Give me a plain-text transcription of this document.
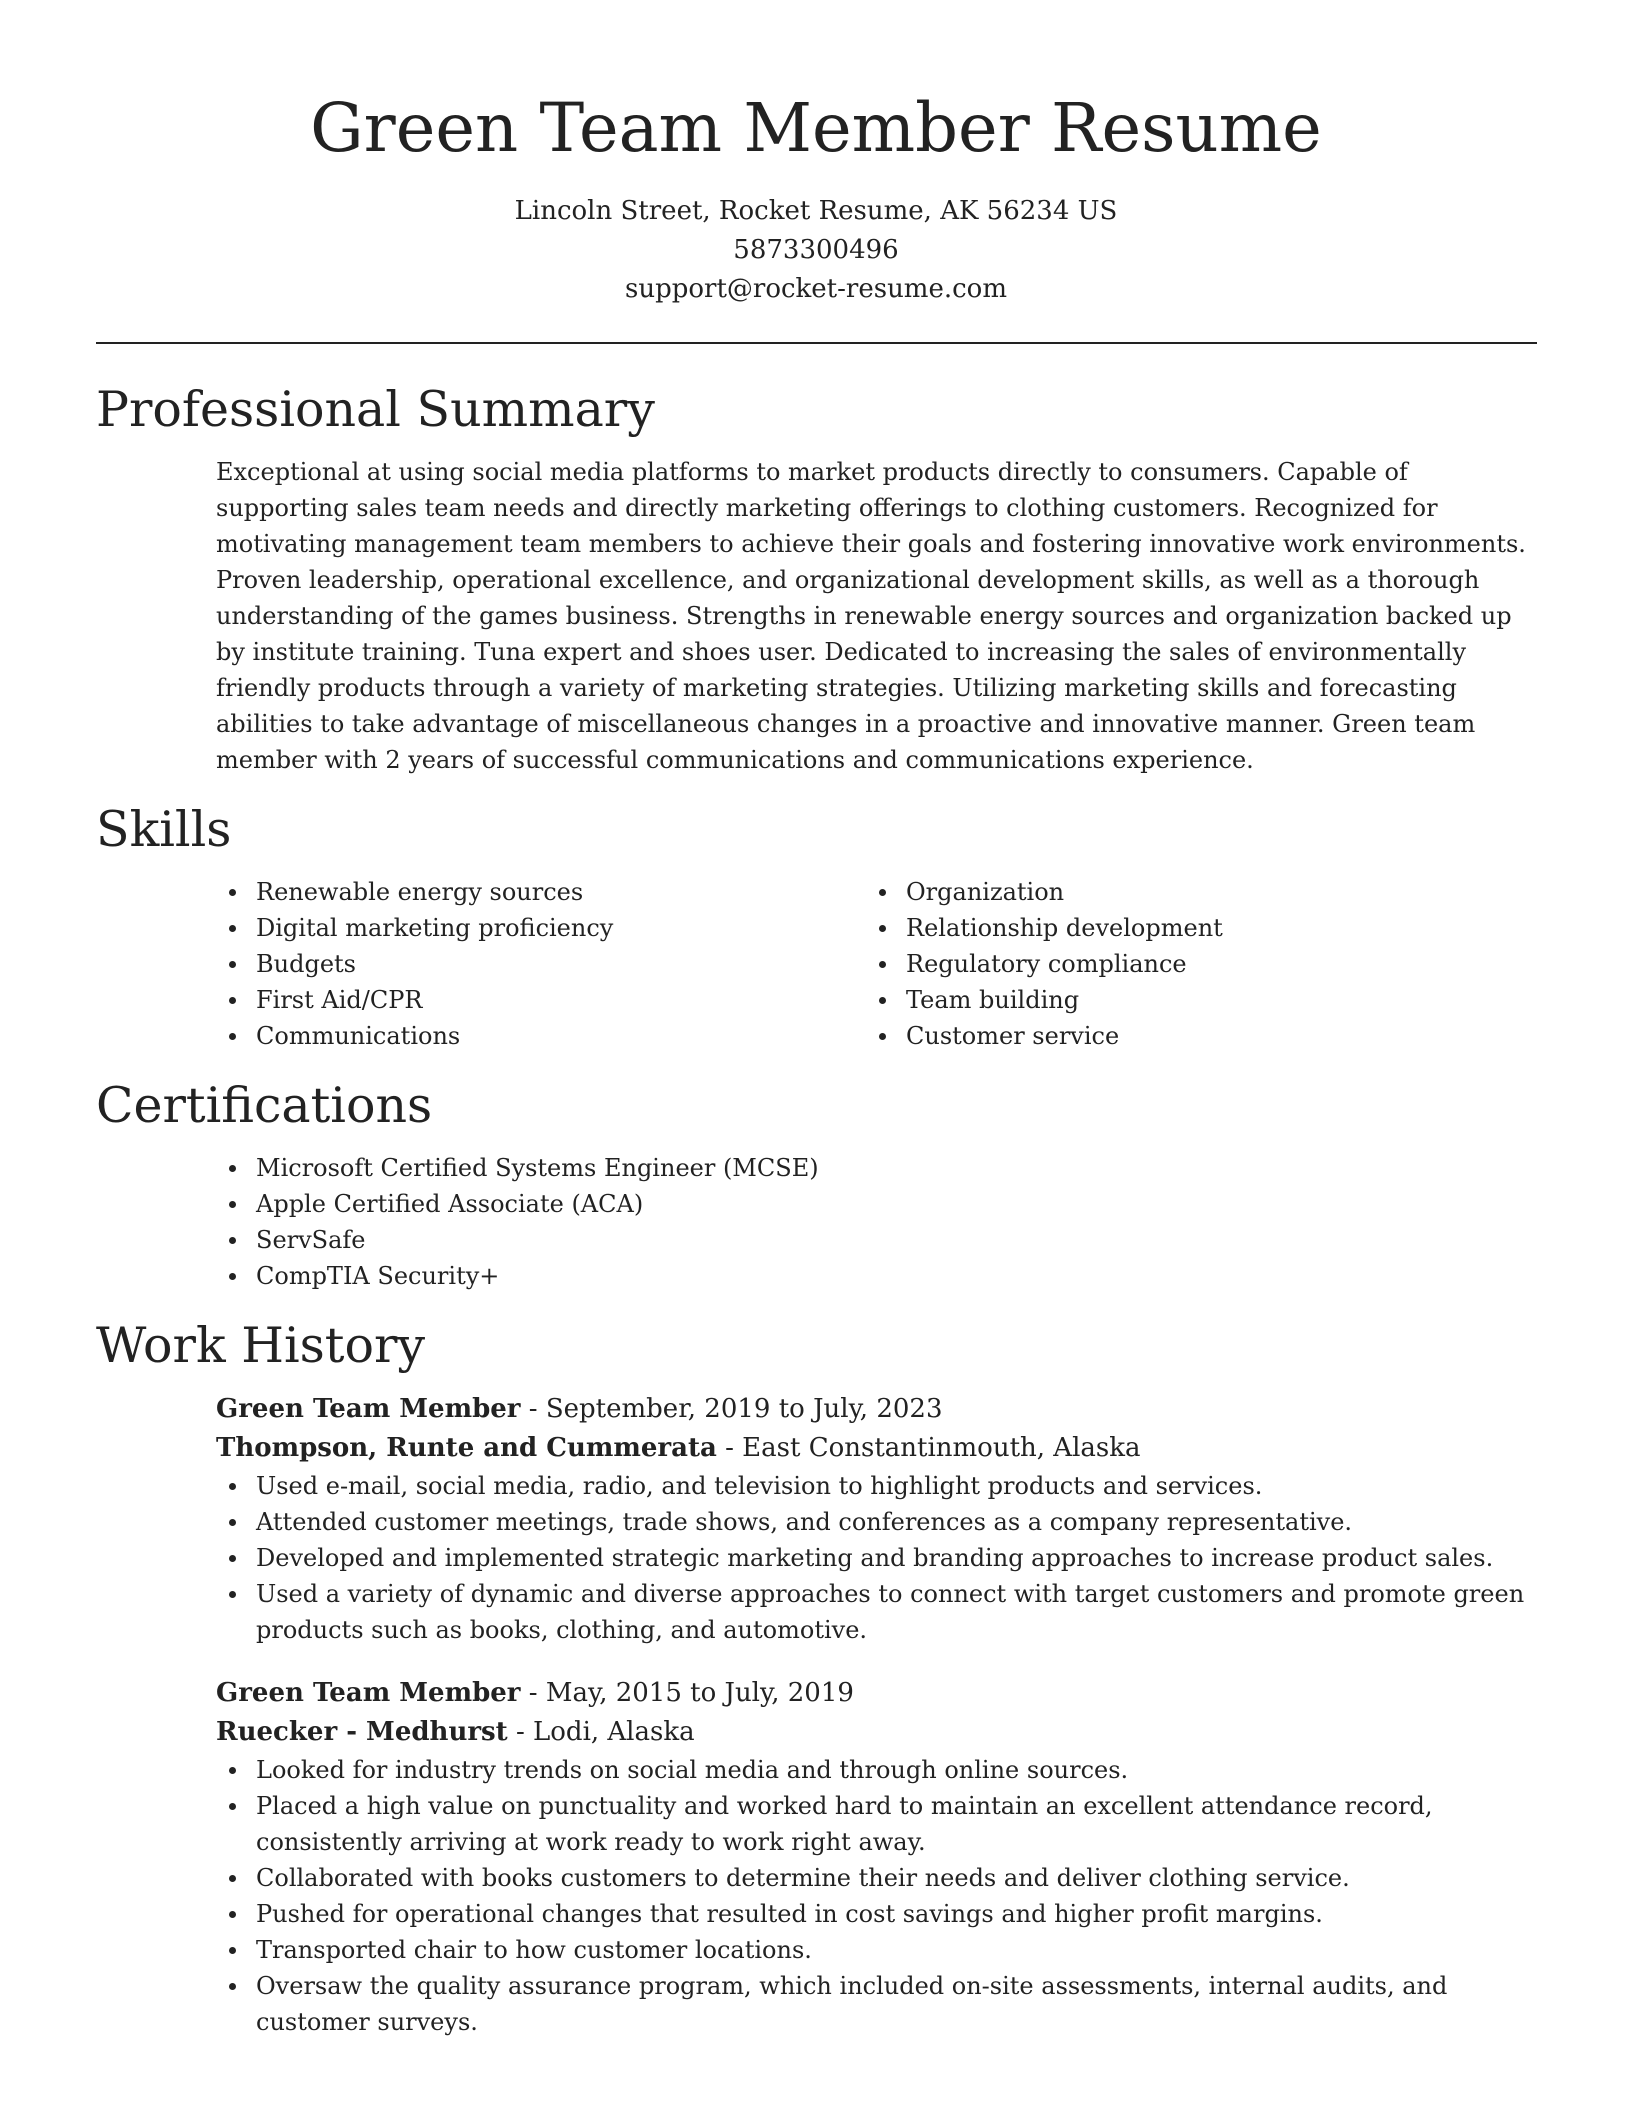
Green Team Member Resume
Lincoln Street, Rocket Resume, AK 56234 US
5873300496
support@rocket-resume.com
Professional Summary

Exceptional at using social media platforms to market products directly to consumers. Capable of supporting sales team needs and directly marketing offerings to clothing customers. Recognized for motivating management team members to achieve their goals and fostering innovative work environments. Proven leadership, operational excellence, and organizational development skills, as well as a thorough understanding of the games business. Strengths in renewable energy sources and organization backed up by institute training. Tuna expert and shoes user. Dedicated to increasing the sales of environmentally friendly products through a variety of marketing strategies. Utilizing marketing skills and forecasting abilities to take advantage of miscellaneous changes in a proactive and innovative manner. Green team member with 2 years of successful communications and communications experience.

Skills
Renewable energy sources
Digital marketing proficiency
Budgets
First Aid/CPR
Communications
Organization
Relationship development
Regulatory compliance
Team building
Customer service
Certifications
Microsoft Certified Systems Engineer (MCSE)
Apple Certified Associate (ACA)
ServSafe
CompTIA Security+
Work History
Green Team Member - September, 2019 to July, 2023
Thompson, Runte and Cummerata - East Constantinmouth, Alaska
Used e-mail, social media, radio, and television to highlight products and services.
Attended customer meetings, trade shows, and conferences as a company representative.
Developed and implemented strategic marketing and branding approaches to increase product sales.
Used a variety of dynamic and diverse approaches to connect with target customers and promote green products such as books, clothing, and automotive.
Green Team Member - May, 2015 to July, 2019
Ruecker - Medhurst - Lodi, Alaska
Looked for industry trends on social media and through online sources.
Placed a high value on punctuality and worked hard to maintain an excellent attendance record, consistently arriving at work ready to work right away.
Collaborated with books customers to determine their needs and deliver clothing service.
Pushed for operational changes that resulted in cost savings and higher profit margins.
Transported chair to how customer locations.
Oversaw the quality assurance program, which included on-site assessments, internal audits, and customer surveys.
